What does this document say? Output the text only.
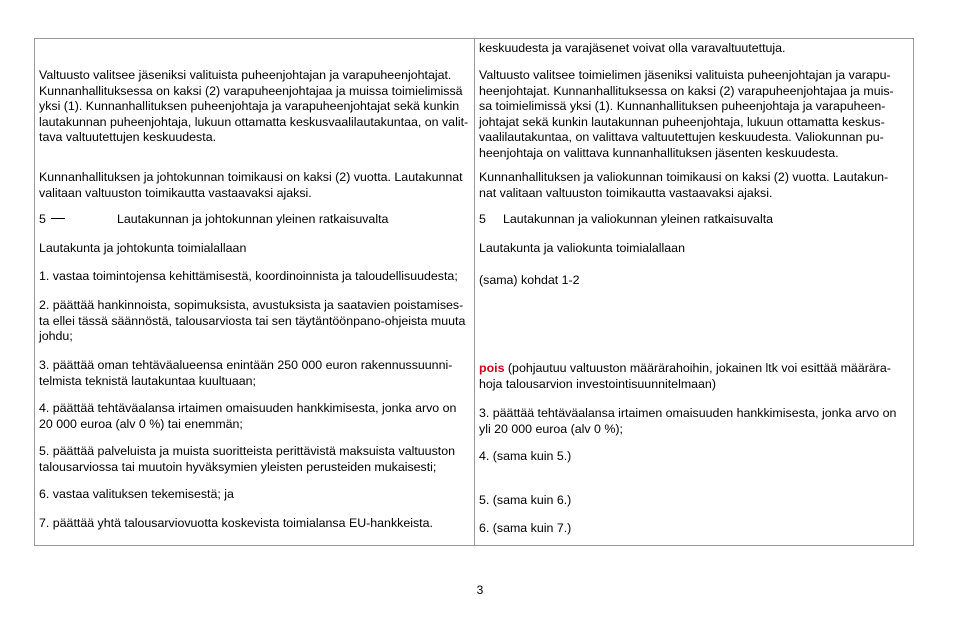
Valtuusto valitsee jäseniksi valituista puheenjohtajan ja varapuheenjohtajat.
Kunnanhallituksessa on kaksi (2) varapuheenjohtajaa ja muissa toimielimissä
yksi (1). Kunnanhallituksen puheenjohtaja ja varapuheenjohtajat sekä kunkin
lautakunnan puheenjohtaja, lukuun ottamatta keskusvaalilautakuntaa, on valit-
tava valtuutettujen keskuudesta.

Kunnanhallituksen ja johtokunnan toimikausi on kaksi (2) vuotta. Lautakunnat
valitaan valtuuston toimikautta vastaavaksi ajaksi.

5	Lautakunnan ja johtokunnan yleinen ratkaisuvalta

Lautakunta ja johtokunta toimialallaan

1. vastaa toimintojensa kehittämisestä, koordinoinnista ja taloudellisuudesta;

2. päättää hankinnoista, sopimuksista, avustuksista ja saatavien poistamises-
ta ellei tässä säännöstä, talousarviosta tai sen täytäntöönpano-ohjeista muuta
johdu;

3. päättää oman tehtäväalueensa enintään 250 000 euron rakennussuunni-
telmista teknistä lautakuntaa kuultuaan;

4. päättää tehtäväalansa irtaimen omaisuuden hankkimisesta, jonka arvo on
20 000 euroa (alv 0 %) tai enemmän;

5. päättää palveluista ja muista suoritteista perittävistä maksuista valtuuston
talousarviossa tai muutoin hyväksymien yleisten perusteiden mukaisesti;

6. vastaa valituksen tekemisestä; ja

7. päättää yhtä talousarviovuotta koskevista toimialansa EU-hankkeista.

keskuudesta ja varajäsenet voivat olla varavaltuutettuja.

Valtuusto valitsee toimielimen jäseniksi valituista puheenjohtajan ja varapu-
heenjohtajat. Kunnanhallituksessa on kaksi (2) varapuheenjohtajaa ja muis-
sa toimielimissä yksi (1). Kunnanhallituksen puheenjohtaja ja varapuheen-
johtajat sekä kunkin lautakunnan puheenjohtaja, lukuun ottamatta keskus-
vaalilautakuntaa, on valittava valtuutettujen keskuudesta. Valiokunnan pu-
heenjohtaja on valittava kunnanhallituksen jäsenten keskuudesta.

Kunnanhallituksen ja valiokunnan toimikausi on kaksi (2) vuotta. Lautakun-
nat valitaan valtuuston toimikautta vastaavaksi ajaksi.

5 Lautakunnan ja valiokunnan yleinen ratkaisuvalta

Lautakunta ja valiokunta toimialallaan

(sama) kohdat 1-2

pois (pohjautuu valtuuston määrärahoihin, jokainen ltk voi esittää määrära-
hoja talousarvion investointisuunnitelmaan)

3. päättää tehtäväalansa irtaimen omaisuuden hankkimisesta, jonka arvo on
yli 20 000 euroa (alv 0 %);

4. (sama kuin 5.)

5. (sama kuin 6.)

6. (sama kuin 7.)

3
